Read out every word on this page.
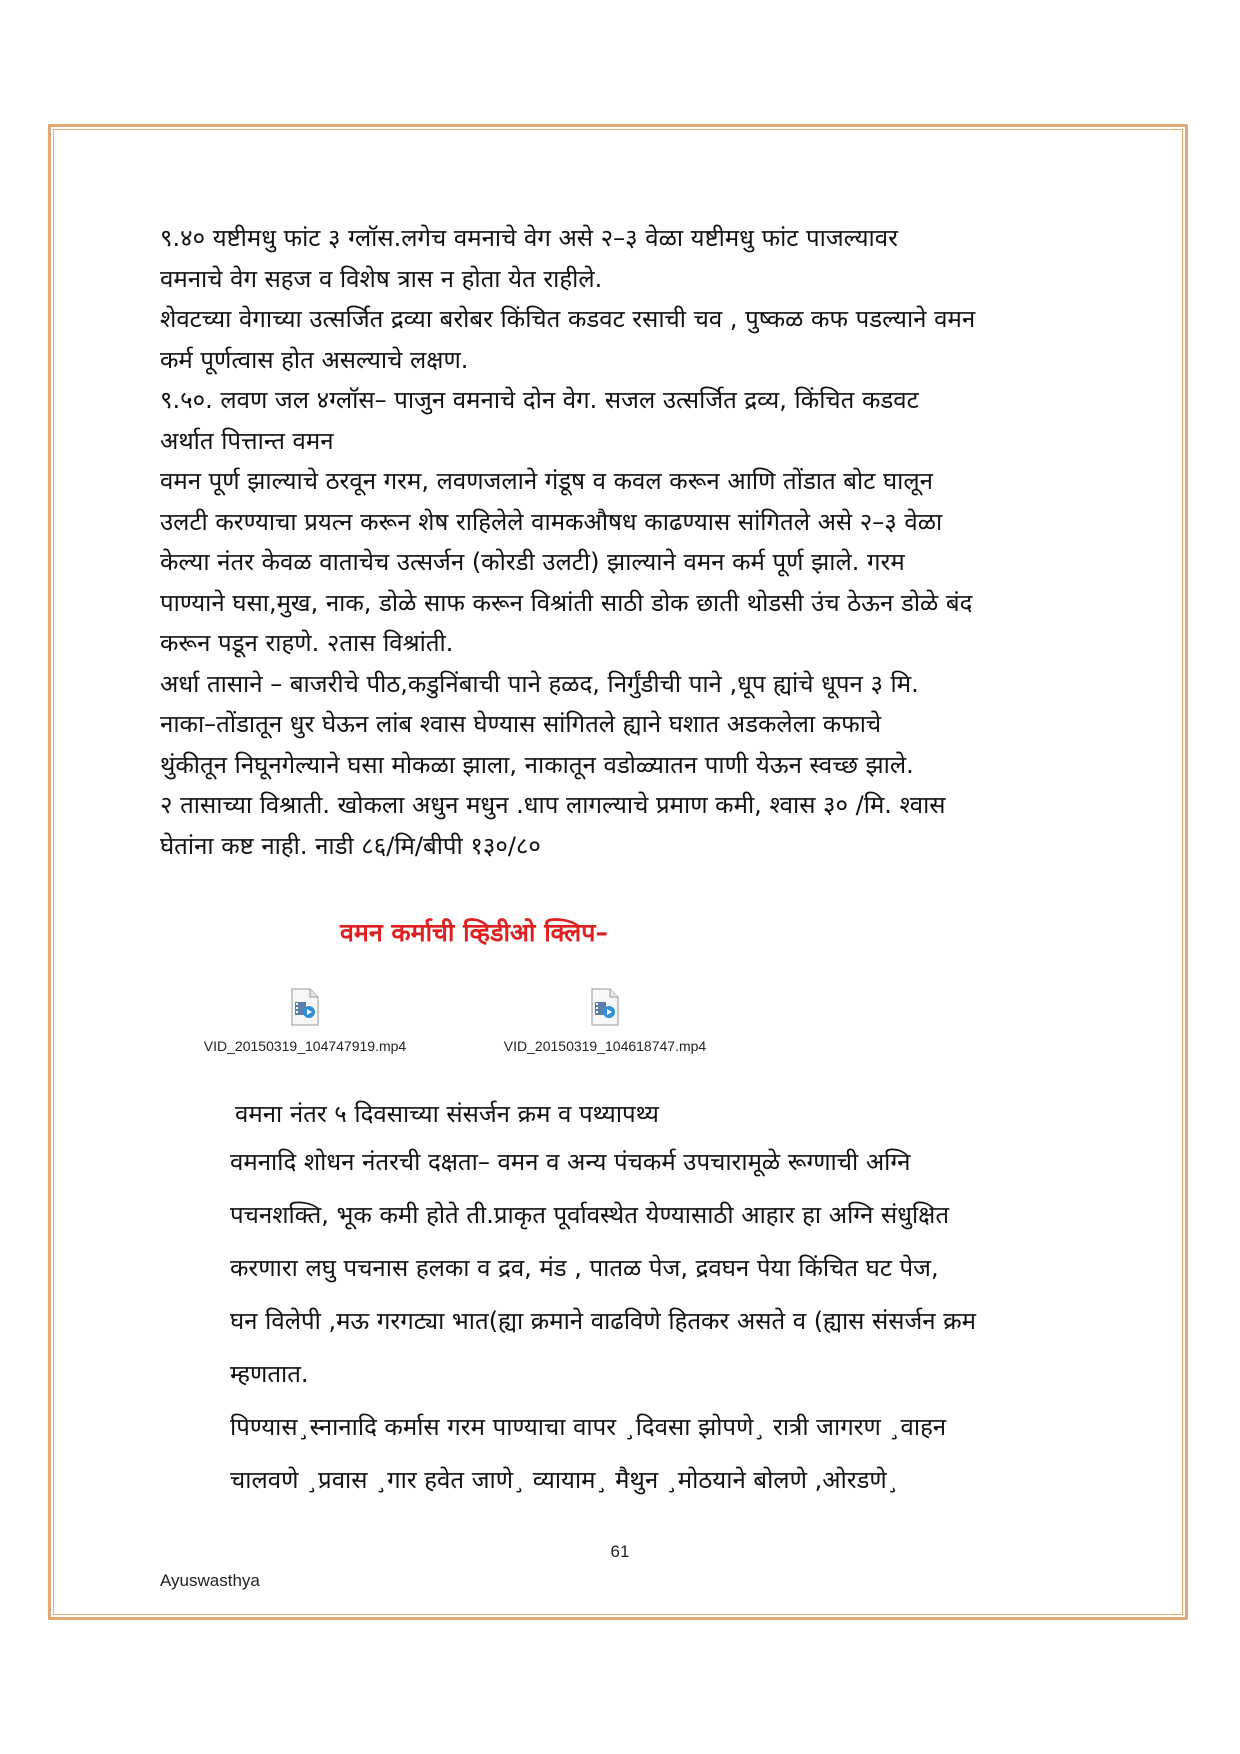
९.४० यष्टीमधु फांट ३ ग्लॉस.लगेच वमनाचे वेग असे २–३ वेळा यष्टीमधु फांट पाजल्यावर

वमनाचे वेग सहज व विशेष त्रास न होता येत राहीले.

शेवटच्या वेगाच्या उत्सर्जित द्रव्या बरोबर किंचित कडवट रसाची चव , पुष्कळ कफ पडल्याने वमन

कर्म पूर्णत्वास होत असल्याचे लक्षण.

९.५०. लवण जल ४ग्लॉस– पाजुन वमनाचे दोन वेग. सजल उत्सर्जित द्रव्य, किंचित कडवट

अर्थात पित्तान्त वमन

वमन पूर्ण झाल्याचे ठरवून गरम, लवणजलाने गंडूष व कवल करून आणि तोंडात बोट घालून

उलटी करण्याचा प्रयत्न करून शेष राहिलेले वामकऔषध काढण्यास सांगितले असे २–३ वेळा

केल्या नंतर केवळ वाताचेच उत्सर्जन (कोरडी उलटी) झाल्याने वमन कर्म पूर्ण झाले. गरम

पाण्याने घसा,मुख, नाक, डोळे साफ करून विश्रांती साठी डोक छाती थोडसी उंच ठेऊन डोळे बंद

करून पडून राहणे. २तास विश्रांती.

अर्धा तासाने – बाजरीचे पीठ,कडुनिंबाची पाने हळद, निर्गुंडीची पाने ,धूप ह्यांचे धूपन ३ मि.

नाका–तोंडातून धुर घेऊन लांब श्वास घेण्यास सांगितले ह्याने घशात अडकलेला कफाचे

थुंकीतून निघूनगेल्याने घसा मोकळा झाला, नाकातून वडोळ्यातन पाणी येऊन स्वच्छ झाले.

२ तासाच्या विश्राती. खोकला अधुन मधुन .धाप लागल्याचे प्रमाण कमी, श्वास ३० /मि. श्वास

घेतांना कष्ट नाही. नाडी ८६/मि/बीपी १३०/८०

वमन कर्माची व्हिडीओ क्लिप–
VID_20150319_104747919.mp4	VID_20150319_104618747.mp4
वमना नंतर ५ दिवसाच्या संसर्जन क्रम व पथ्यापथ्य

वमनादि शोधन नंतरची दक्षता– वमन व अन्य पंचकर्म उपचारामूळे रूग्णाची अग्नि

पचनशक्ति, भूक कमी होते ती.प्राकृत पूर्वावस्थेत येण्यासाठी आहार हा अग्नि संधुक्षित

करणारा लघु पचनास हलका व द्रव, मंड , पातळ पेज, द्रवघन पेया किंचित घट पेज,

घन विलेपी ,मऊ गरगट्या भात(ह्या क्रमाने वाढविणे हितकर असते व (ह्यास संसर्जन क्रम

म्हणतात.

पिण्यास¸स्नानादि कर्मास गरम पाण्याचा वापर ¸दिवसा झोपणे¸ रात्री जागरण ¸वाहन

चालवणे ¸प्रवास ¸गार हवेत जाणे¸ व्यायाम¸ मैथुन ¸मोठयाने बोलणे ,ओरडणे¸

61
Ayuswasthya
